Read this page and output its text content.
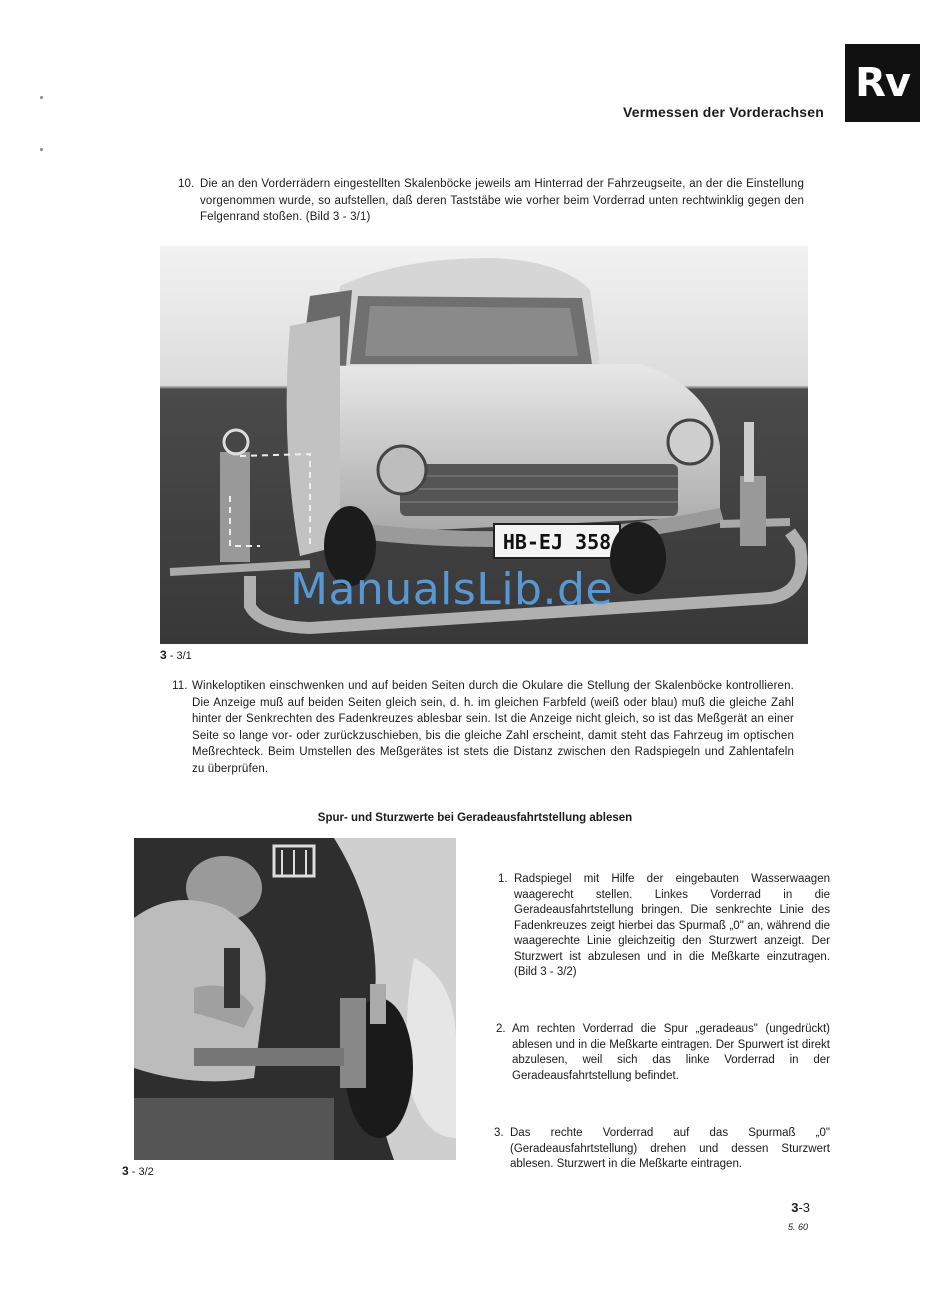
Rv
Vermessen der Vorderachsen
10. Die an den Vorderrädern eingestellten Skalenböcke jeweils am Hinterrad der Fahrzeugseite, an der die Einstellung vorgenommen wurde, so aufstellen, daß deren Taststäbe wie vorher beim Vorderrad unten rechtwinklig gegen den Felgenrand stoßen. (Bild 3 - 3/1)
HB-EJ 358
3 - 3/1
ManualsLib.de
11. Winkeloptiken einschwenken und auf beiden Seiten durch die Okulare die Stellung der Skalenböcke kontrollieren. Die Anzeige muß auf beiden Seiten gleich sein, d. h. im gleichen Farbfeld (weiß oder blau) muß die gleiche Zahl hinter der Senkrechten des Fadenkreuzes ablesbar sein. Ist die Anzeige nicht gleich, so ist das Meßgerät an einer Seite so lange vor- oder zurückzuschieben, bis die gleiche Zahl erscheint, damit steht das Fahrzeug im optischen Meßrechteck. Beim Umstellen des Meßgerätes ist stets die Distanz zwischen den Radspiegeln und Zahlentafeln zu überprüfen.
Spur- und Sturzwerte bei Geradeausfahrtstellung ablesen
3 - 3/2
1. Radspiegel mit Hilfe der eingebauten Wasserwaagen waagerecht stellen. Linkes Vorderrad in die Geradeausfahrtstellung bringen. Die senkrechte Linie des Fadenkreuzes zeigt hierbei das Spurmaß „0" an, während die waagerechte Linie gleichzeitig den Sturzwert anzeigt. Der Sturzwert ist abzulesen und in die Meßkarte einzutragen. (Bild 3 - 3/2)
2. Am rechten Vorderrad die Spur „geradeaus" (ungedrückt) ablesen und in die Meßkarte eintragen. Der Spurwert ist direkt abzulesen, weil sich das linke Vorderrad in der Geradeausfahrtstellung befindet.
3. Das rechte Vorderrad auf das Spurmaß „0" (Geradeausfahrtstellung) drehen und dessen Sturzwert ablesen. Sturzwert in die Meßkarte eintragen.
3-3
5. 60
